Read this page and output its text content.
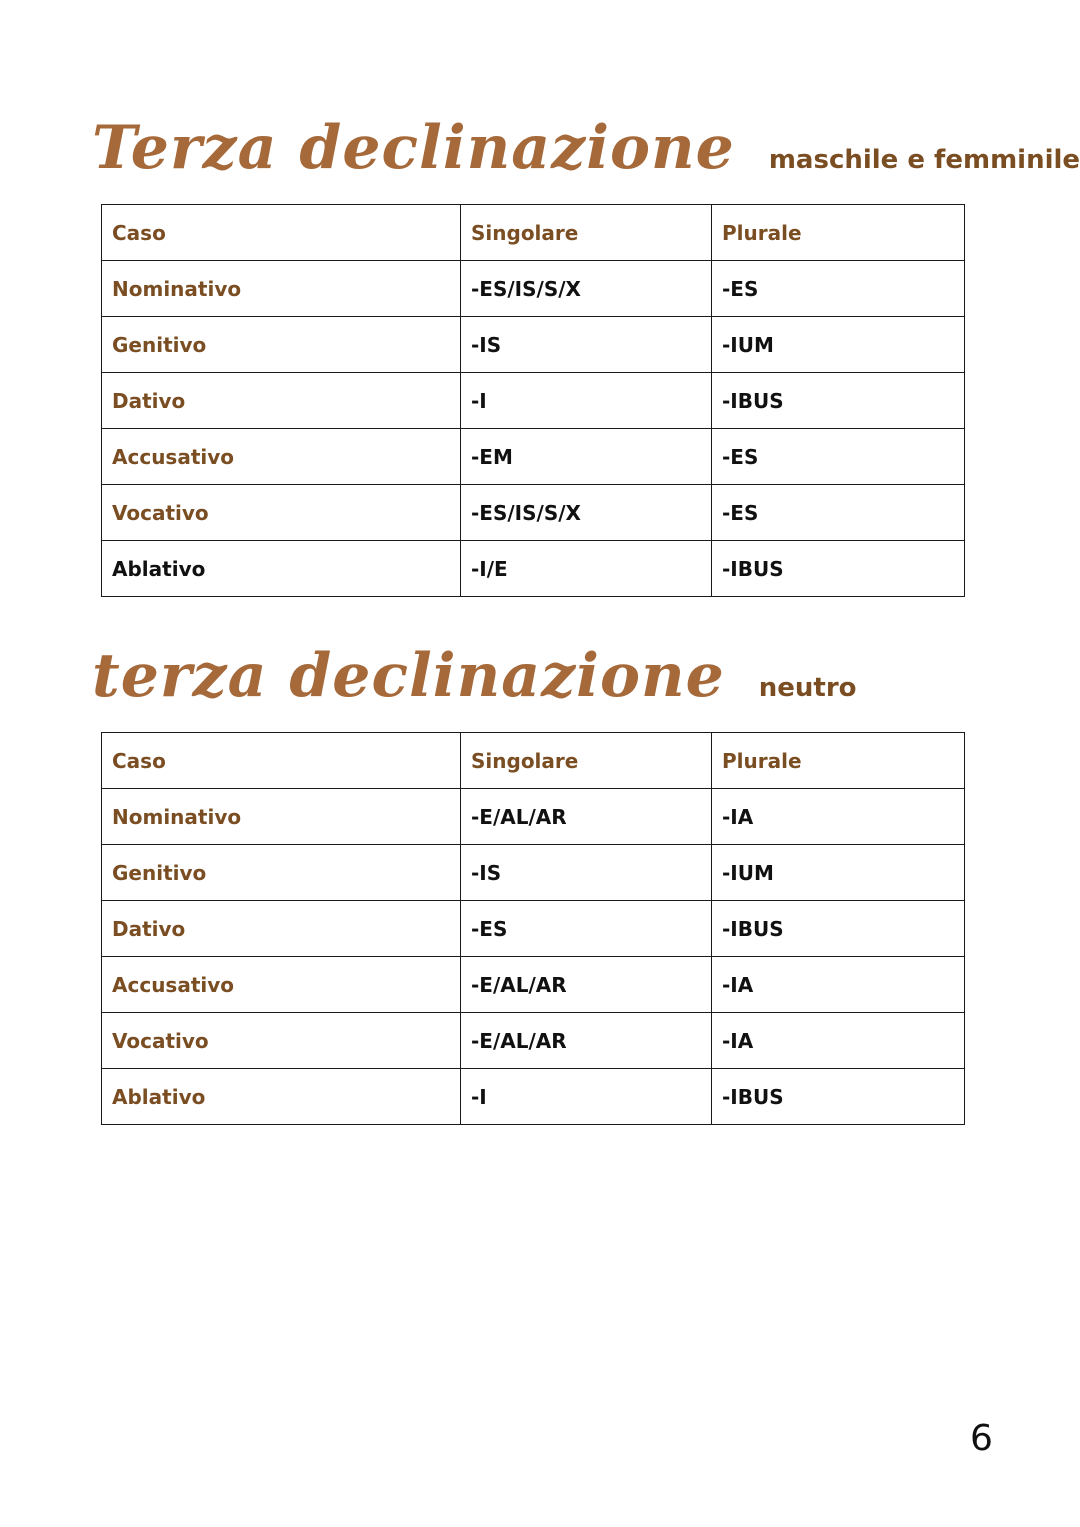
Terza declinazione maschile e femminile
Caso	Singolare	Plurale
Nominativo	-ES/IS/S/X	-ES
Genitivo	-IS	-IUM
Dativo	-I	-IBUS
Accusativo	-EM	-ES
Vocativo	-ES/IS/S/X	-ES
Ablativo	-I/E	-IBUS
terza declinazione neutro
Caso	Singolare	Plurale
Nominativo	-E/AL/AR	-IA
Genitivo	-IS	-IUM
Dativo	-ES	-IBUS
Accusativo	-E/AL/AR	-IA
Vocativo	-E/AL/AR	-IA
Ablativo	-I	-IBUS
6
